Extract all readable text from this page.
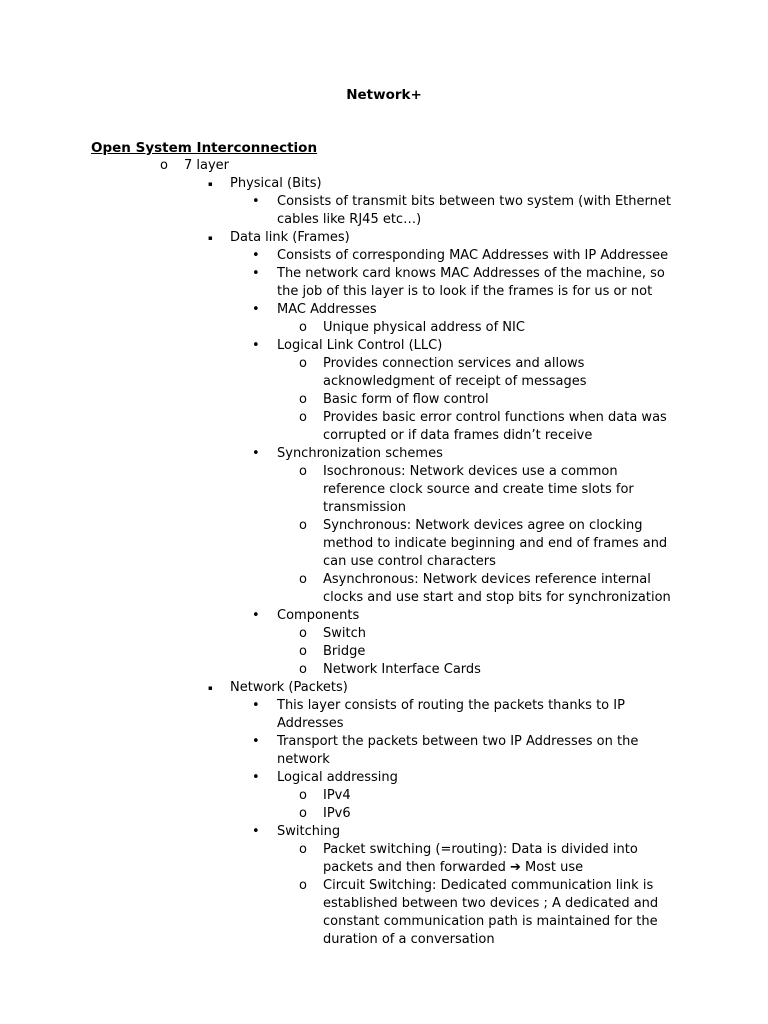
Network+
Open System Interconnection
o 7 layer
▪ Physical (Bits)
• Consists of transmit bits between two system (with Ethernet cables like RJ45 etc…)
▪ Data link (Frames)
• Consists of corresponding MAC Addresses with IP Addressee
• The network card knows MAC Addresses of the machine, so the job of this layer is to look if the frames is for us or not
• MAC Addresses
o Unique physical address of NIC
• Logical Link Control (LLC)
o Provides connection services and allows acknowledgment of receipt of messages
o Basic form of flow control
o Provides basic error control functions when data was corrupted or if data frames didn’t receive
• Synchronization schemes
o Isochronous: Network devices use a common reference clock source and create time slots for transmission
o Synchronous: Network devices agree on clocking method to indicate beginning and end of frames and can use control characters
o Asynchronous: Network devices reference internal clocks and use start and stop bits for synchronization
• Components
o Switch
o Bridge
o Network Interface Cards
▪ Network (Packets)
• This layer consists of routing the packets thanks to IP Addresses
• Transport the packets between two IP Addresses on the network
• Logical addressing
o IPv4
o IPv6
• Switching
o Packet switching (=routing): Data is divided into packets and then forwarded ➔ Most use
o Circuit Switching: Dedicated communication link is established between two devices ; A dedicated and constant communication path is maintained for the duration of a conversation
